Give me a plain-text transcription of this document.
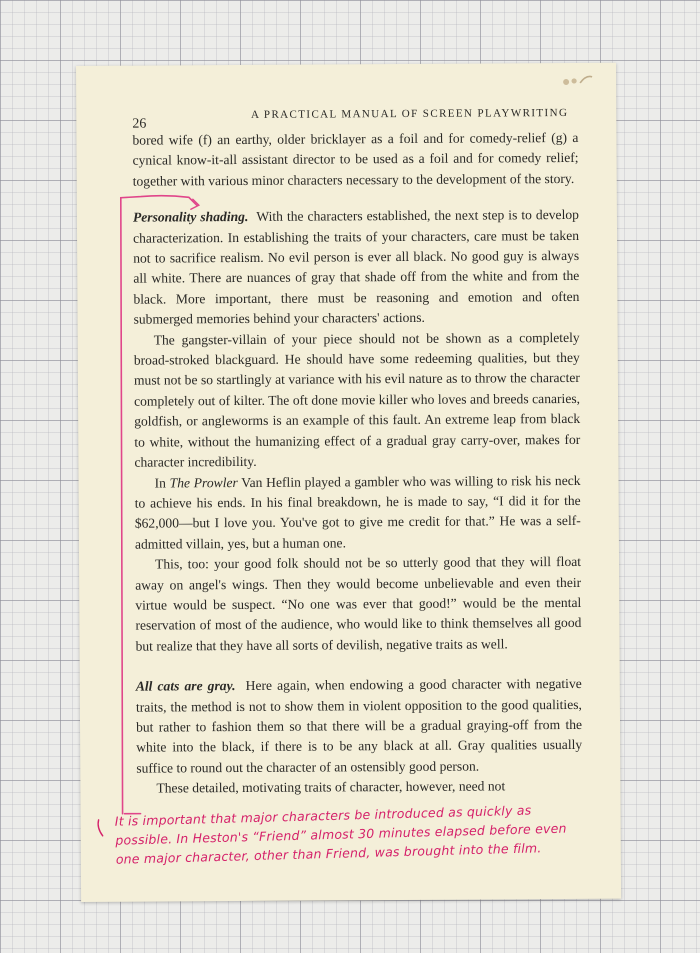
26
A PRACTICAL MANUAL OF SCREEN PLAYWRITING

bored wife (f) an earthy, older bricklayer as a foil and for comedy-relief (g) a cynical know-it-all assistant director to be used as a foil and for comedy relief; together with various minor characters necessary to the development of the story.

Personality shading. With the characters established, the next step is to develop characterization. In establishing the traits of your characters, care must be taken not to sacrifice realism. No evil person is ever all black. No good guy is always all white. There are nuances of gray that shade off from the white and from the black. More important, there must be reasoning and emotion and often submerged memories behind your characters' actions.

The gangster-villain of your piece should not be shown as a completely broad-stroked blackguard. He should have some redeeming qualities, but they must not be so startlingly at variance with his evil nature as to throw the character completely out of kilter. The oft done movie killer who loves and breeds canaries, goldfish, or angleworms is an example of this fault. An extreme leap from black to white, without the humanizing effect of a gradual gray carry-over, makes for character incredibility.

In The Prowler Van Heflin played a gambler who was willing to risk his neck to achieve his ends. In his final breakdown, he is made to say, “I did it for the $62,000—but I love you. You've got to give me credit for that.” He was a self-admitted villain, yes, but a human one.

This, too: your good folk should not be so utterly good that they will float away on angel's wings. Then they would become unbelievable and even their virtue would be suspect. “No one was ever that good!” would be the mental reservation of most of the audience, who would like to think themselves all good but realize that they have all sorts of devilish, negative traits as well.

All cats are gray. Here again, when endowing a good character with negative traits, the method is not to show them in violent opposition to the good qualities, but rather to fashion them so that there will be a gradual graying-off from the white into the black, if there is to be any black at all. Gray qualities usually suffice to round out the character of an ostensibly good person.

These detailed, motivating traits of character, however, need not

It is important that major characters be introduced as quickly as possible. In Heston's “Friend” almost 30 minutes elapsed before even one major character, other than Friend, was brought into the film.
